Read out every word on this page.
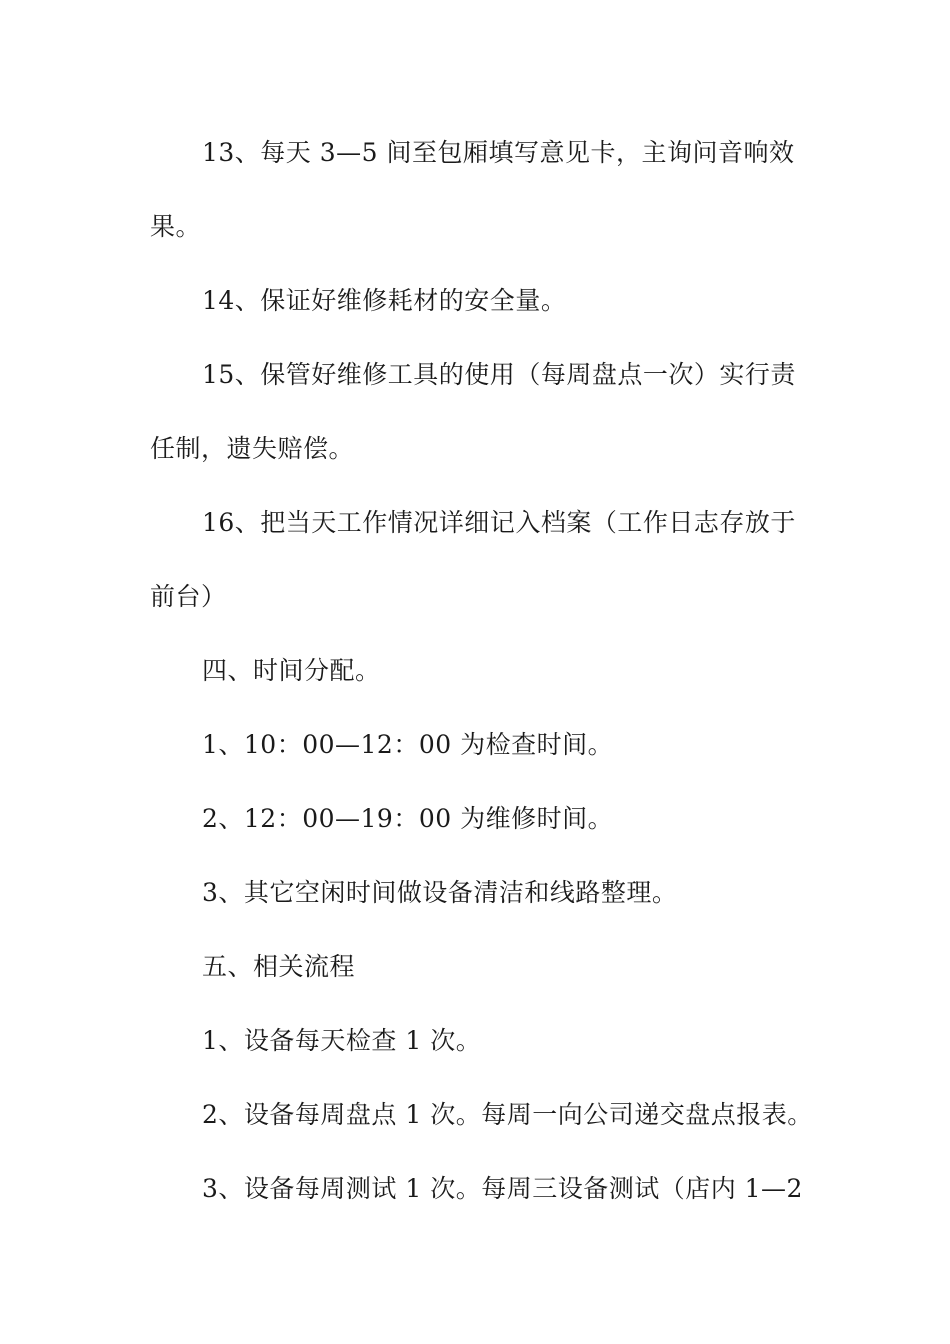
13、每天 3—5 间至包厢填写意见卡，主询问音响效
果。
14、保证好维修耗材的安全量。
15、保管好维修工具的使用（每周盘点一次）实行责
任制，遗失赔偿。
16、把当天工作情况详细记入档案（工作日志存放于
前台）
四、时间分配。
1、10：00—12：00 为检查时间。
2、12：00—19：00 为维修时间。
3、其它空闲时间做设备清洁和线路整理。
五、相关流程
1、设备每天检查 1 次。
2、设备每周盘点 1 次。每周一向公司递交盘点报表。
3、设备每周测试 1 次。每周三设备测试（店内 1—2
